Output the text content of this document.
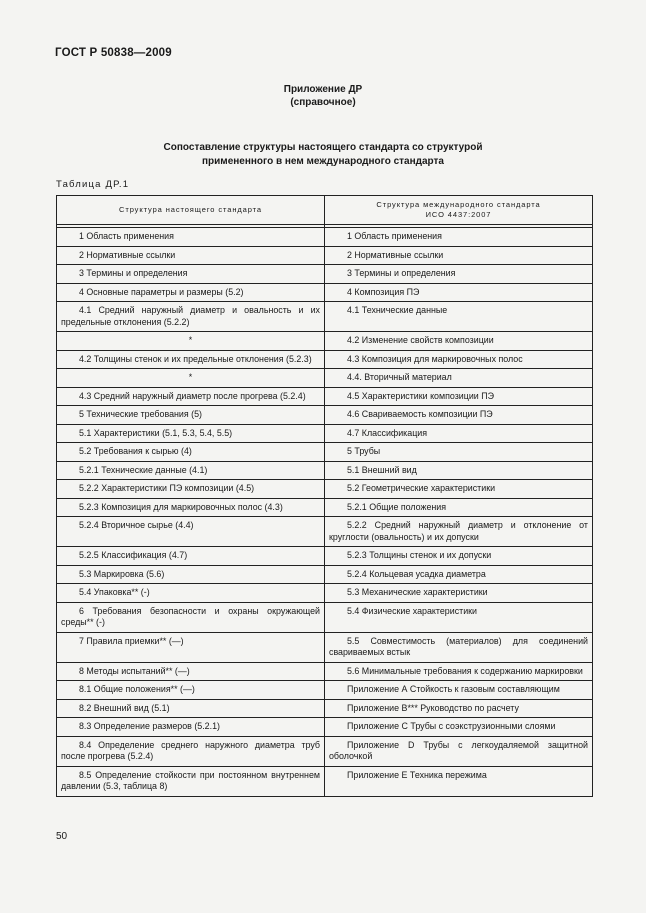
ГОСТ Р 50838—2009
Приложение ДР
(справочное)
Сопоставление структуры настоящего стандарта со структурой
примененного в нем международного стандарта
Таблица ДР.1
Структура настоящего стандарта	Структура международного стандарта
ИСО 4437:2007

1 Область применения	1 Область применения
2 Нормативные ссылки	2 Нормативные ссылки
3 Термины и определения	3 Термины и определения
4 Основные параметры и размеры (5.2)	4 Композиция ПЭ
4.1 Средний наружный диаметр и овальность и их предельные отклонения (5.2.2)	4.1 Технические данные
*	4.2 Изменение свойств композиции
4.2 Толщины стенок и их предельные отклонения (5.2.3)	4.3 Композиция для маркировочных полос
*	4.4. Вторичный материал
4.3 Средний наружный диаметр после прогрева (5.2.4)	4.5 Характеристики композиции ПЭ
5 Технические требования (5)	4.6 Свариваемость композиции ПЭ
5.1 Характеристики (5.1, 5.3, 5.4, 5.5)	4.7 Классификация
5.2 Требования к сырью (4)	5 Трубы
5.2.1 Технические данные (4.1)	5.1 Внешний вид
5.2.2 Характеристики ПЭ композиции (4.5)	5.2 Геометрические характеристики
5.2.3 Композиция для маркировочных полос (4.3)	5.2.1 Общие положения
5.2.4 Вторичное сырье (4.4)	5.2.2 Средний наружный диаметр и отклонение от круглости (овальность) и их допуски
5.2.5 Классификация (4.7)	5.2.3 Толщины стенок и их допуски
5.3 Маркировка (5.6)	5.2.4 Кольцевая усадка диаметра
5.4 Упаковка** (-)	5.3 Механические характеристики
6 Требования безопасности и охраны окружающей среды** (-)	5.4 Физические характеристики
7 Правила приемки** (—)	5.5 Совместимость (материалов) для соединений свариваемых встык
8 Методы испытаний** (—)	5.6 Минимальные требования к содержанию маркировки
8.1 Общие положения** (—)	Приложение А Стойкость к газовым составляющим
8.2 Внешний вид (5.1)	Приложение В*** Руководство по расчету
8.3 Определение размеров (5.2.1)	Приложение С Трубы с соэкструзионными слоями
8.4 Определение среднего наружного диаметра труб после прогрева (5.2.4)	Приложение D Трубы с легкоудаляемой защитной оболочкой
8.5 Определение стойкости при постоянном внутреннем давлении (5.3, таблица 8)	Приложение Е Техника пережима
50
